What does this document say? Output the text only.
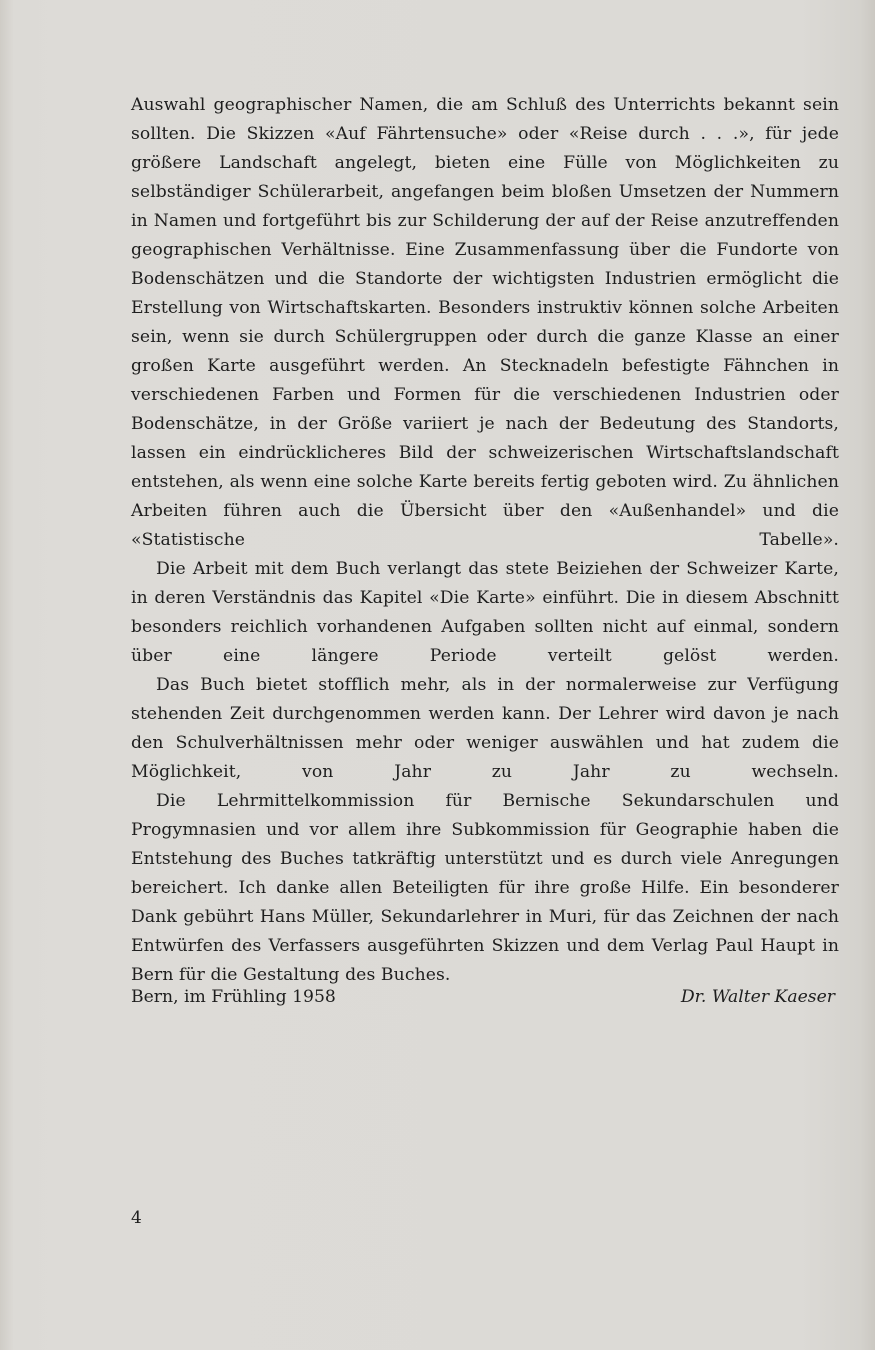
Auswahl geographischer Namen, die am Schluß des Unterrichts bekannt sein sollten. Die Skizzen «Auf Fährtensuche» oder «Reise durch . . .», für jede größere Landschaft angelegt, bieten eine Fülle von Möglichkeiten zu selbständiger Schülerarbeit, angefangen beim bloßen Umsetzen der Nummern in Namen und fortgeführt bis zur Schilderung der auf der Reise anzutreffenden geographischen Verhältnisse. Eine Zusammenfassung über die Fundorte von Bodenschätzen und die Standorte der wichtigsten Industrien ermöglicht die Erstellung von Wirtschaftskarten. Besonders instruktiv können solche Arbeiten sein, wenn sie durch Schülergruppen oder durch die ganze Klasse an einer großen Karte ausgeführt werden. An Stecknadeln befestigte Fähnchen in verschiedenen Farben und Formen für die verschiedenen Industrien oder Bodenschätze, in der Größe variiert je nach der Bedeutung des Standorts, lassen ein eindrücklicheres Bild der schweizerischen Wirtschaftslandschaft entstehen, als wenn eine solche Karte bereits fertig geboten wird. Zu ähnlichen Arbeiten führen auch die Übersicht über den «Außenhandel» und die «Statistische Tabelle».

Die Arbeit mit dem Buch verlangt das stete Beiziehen der Schweizer Karte, in deren Verständnis das Kapitel «Die Karte» einführt. Die in diesem Abschnitt besonders reichlich vorhandenen Aufgaben sollten nicht auf einmal, sondern über eine längere Periode verteilt gelöst werden.

Das Buch bietet stofflich mehr, als in der normalerweise zur Verfügung stehenden Zeit durchgenommen werden kann. Der Lehrer wird davon je nach den Schulverhältnissen mehr oder weniger auswählen und hat zudem die Möglichkeit, von Jahr zu Jahr zu wechseln.

Die Lehrmittelkommission für Bernische Sekundarschulen und Progymnasien und vor allem ihre Subkommission für Geographie haben die Entstehung des Buches tatkräftig unterstützt und es durch viele Anregungen bereichert. Ich danke allen Beteiligten für ihre große Hilfe. Ein besonderer Dank gebührt Hans Müller, Sekundarlehrer in Muri, für das Zeichnen der nach Entwürfen des Verfassers ausgeführten Skizzen und dem Verlag Paul Haupt in Bern für die Gestaltung des Buches.

Bern, im Frühling 1958	Dr. Walter Kaeser
4
